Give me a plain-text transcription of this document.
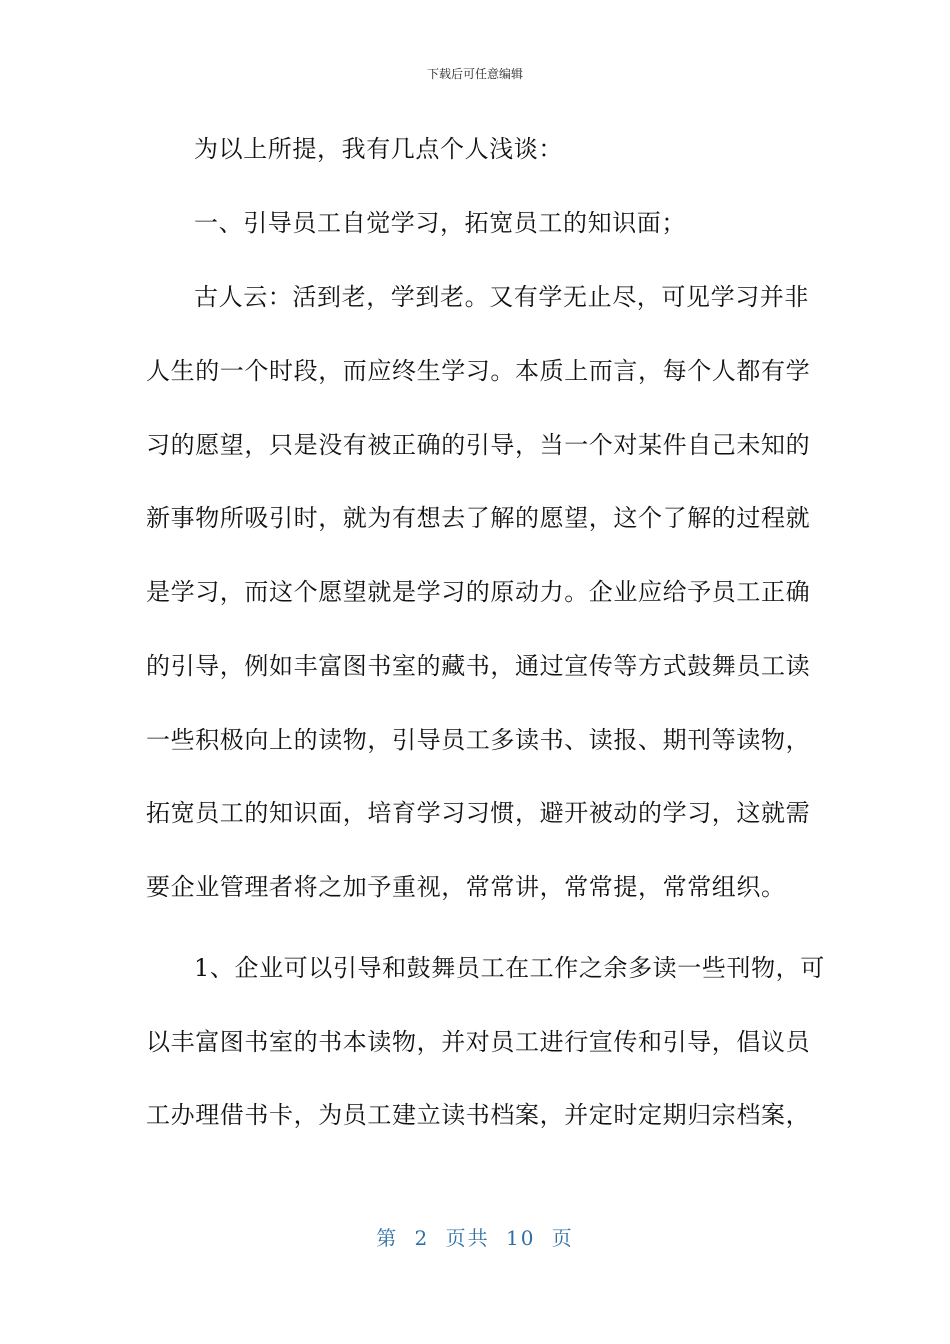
下载后可任意编辑
为以上所提，我有几点个人浅谈：
一、引导员工自觉学习，拓宽员工的知识面；
古人云：活到老，学到老。又有学无止尽，可见学习并非
人生的一个时段，而应终生学习。本质上而言，每个人都有学
习的愿望，只是没有被正确的引导，当一个对某件自己未知的
新事物所吸引时，就为有想去了解的愿望，这个了解的过程就
是学习，而这个愿望就是学习的原动力。企业应给予员工正确
的引导，例如丰富图书室的藏书，通过宣传等方式鼓舞员工读
一些积极向上的读物，引导员工多读书、读报、期刊等读物，
拓宽员工的知识面，培育学习习惯，避开被动的学习，这就需
要企业管理者将之加予重视，常常讲，常常提，常常组织。
1、企业可以引导和鼓舞员工在工作之余多读一些刊物，可
以丰富图书室的书本读物，并对员工进行宣传和引导，倡议员
工办理借书卡，为员工建立读书档案，并定时定期归宗档案，
第 2 页共 10 页
